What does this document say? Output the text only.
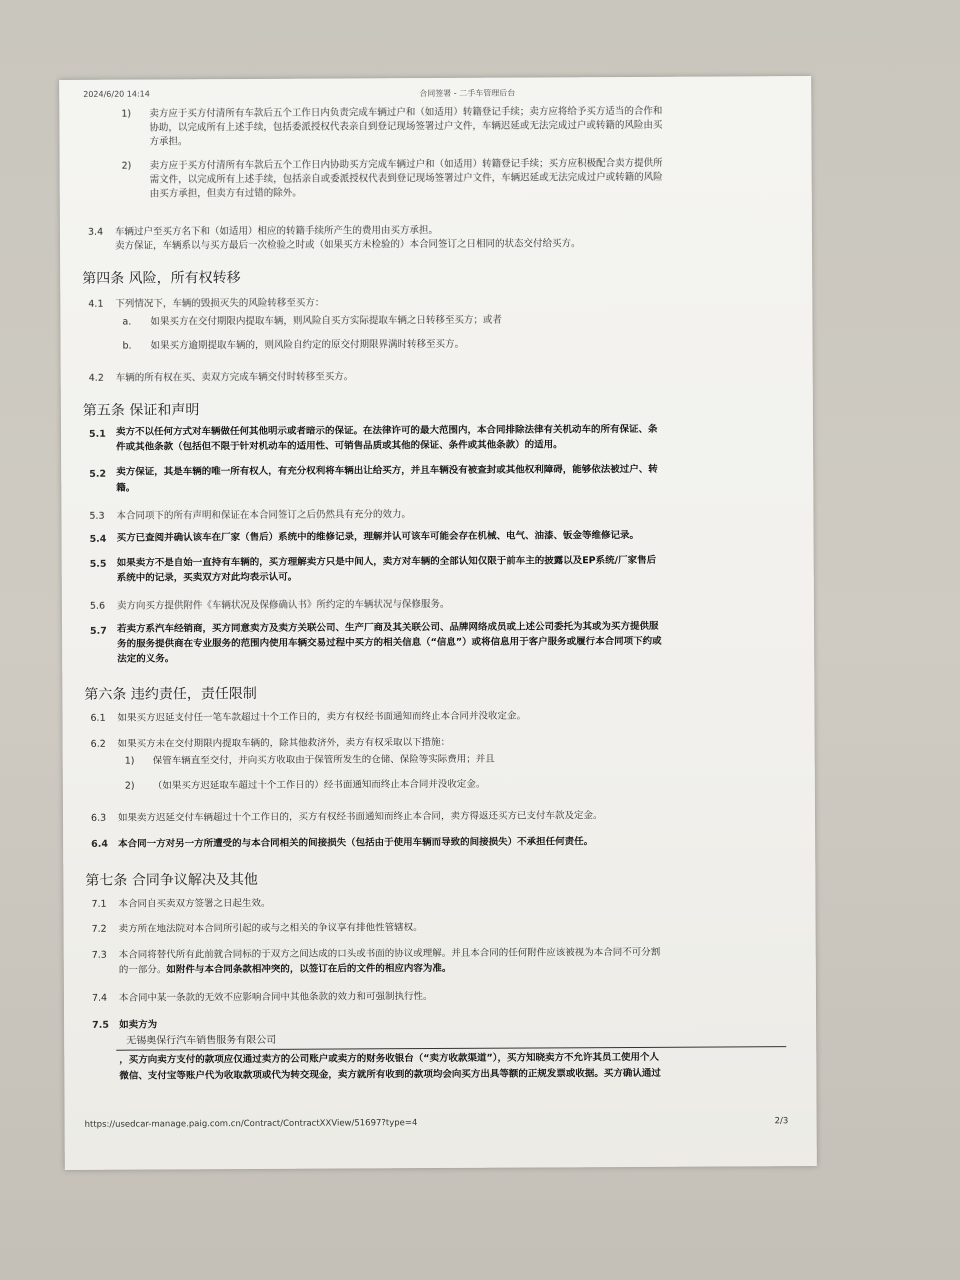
2024/6/20 14:14	合同签署 - 二手车管理后台
1) 卖方应于买方付清所有车款后五个工作日内负责完成车辆过户和（如适用）转籍登记手续；卖方应将给予买方适当的合作和
协助，以完成所有上述手续，包括委派授权代表亲自到登记现场签署过户文件，车辆迟延或无法完成过户或转籍的风险由买
方承担。
2) 卖方应于买方付清所有车款后五个工作日内协助买方完成车辆过户和（如适用）转籍登记手续；买方应积极配合卖方提供所
需文件，以完成所有上述手续，包括亲自或委派授权代表到登记现场签署过户文件，车辆迟延或无法完成过户或转籍的风险
由买方承担，但卖方有过错的除外。
3.4 车辆过户至买方名下和（如适用）相应的转籍手续所产生的费用由买方承担。
卖方保证，车辆系以与买方最后一次检验之时或（如果买方未检验的）本合同签订之日相同的状态交付给买方。
第四条 风险，所有权转移
4.1 下列情况下，车辆的毁损灭失的风险转移至买方：
a. 如果买方在交付期限内提取车辆，则风险自买方实际提取车辆之日转移至买方；或者
b. 如果买方逾期提取车辆的，则风险自约定的原交付期限界满时转移至买方。
4.2 车辆的所有权在买、卖双方完成车辆交付时转移至买方。
第五条 保证和声明
5.1 卖方不以任何方式对车辆做任何其他明示或者暗示的保证。在法律许可的最大范围内，本合同排除法律有关机动车的所有保证、条
件或其他条款（包括但不限于针对机动车的适用性、可销售品质或其他的保证、条件或其他条款）的适用。
5.2 卖方保证，其是车辆的唯一所有权人，有充分权利将车辆出让给买方，并且车辆没有被查封或其他权利障碍，能够依法被过户、转
籍。
5.3 本合同项下的所有声明和保证在本合同签订之后仍然具有充分的效力。
5.4 买方已查阅并确认该车在厂家（售后）系统中的维修记录，理解并认可该车可能会存在机械、电气、油漆、钣金等维修记录。
5.5 如果卖方不是自始一直持有车辆的，买方理解卖方只是中间人，卖方对车辆的全部认知仅限于前车主的披露以及EP系统/厂家售后
系统中的记录，买卖双方对此均表示认可。
5.6 卖方向买方提供附件《车辆状况及保修确认书》所约定的车辆状况与保修服务。
5.7 若卖方系汽车经销商，买方同意卖方及卖方关联公司、生产厂商及其关联公司、品牌网络成员或上述公司委托为其或为买方提供服
务的服务提供商在专业服务的范围内使用车辆交易过程中买方的相关信息（“信息”）或将信息用于客户服务或履行本合同项下约或
法定的义务。
第六条 违约责任，责任限制
6.1 如果买方迟延支付任一笔车款超过十个工作日的，卖方有权经书面通知而终止本合同并没收定金。
6.2 如果买方未在交付期限内提取车辆的，除其他救济外，卖方有权采取以下措施：
1) 保管车辆直至交付，并向买方收取由于保管所发生的仓储、保险等实际费用；并且
2) （如果买方迟延取车超过十个工作日的）经书面通知而终止本合同并没收定金。
6.3 如果卖方迟延交付车辆超过十个工作日的，买方有权经书面通知而终止本合同，卖方得返还买方已支付车款及定金。
6.4 本合同一方对另一方所遭受的与本合同相关的间接损失（包括由于使用车辆而导致的间接损失）不承担任何责任。
第七条 合同争议解决及其他
7.1 本合同自买卖双方签署之日起生效。
7.2 卖方所在地法院对本合同所引起的或与之相关的争议享有排他性管辖权。
7.3 本合同将替代所有此前就合同标的于双方之间达成的口头或书面的协议或理解。并且本合同的任何附件应该被视为本合同不可分割
的一部分。如附件与本合同条款相冲突的，以签订在后的文件的相应内容为准。
7.4 本合同中某一条款的无效不应影响合同中其他条款的效力和可强制执行性。
7.5 如卖方为
无锡奥保行汽车销售服务有限公司
，买方向卖方支付的款项应仅通过卖方的公司账户或卖方的财务收银台（“卖方收款渠道”），买方知晓卖方不允许其员工使用个人
微信、支付宝等账户代为收取款项或代为转交现金，卖方就所有收到的款项均会向买方出具等额的正规发票或收据。买方确认通过
https://usedcar-manage.paig.com.cn/Contract/ContractXXView/51697?type=4	2/3
